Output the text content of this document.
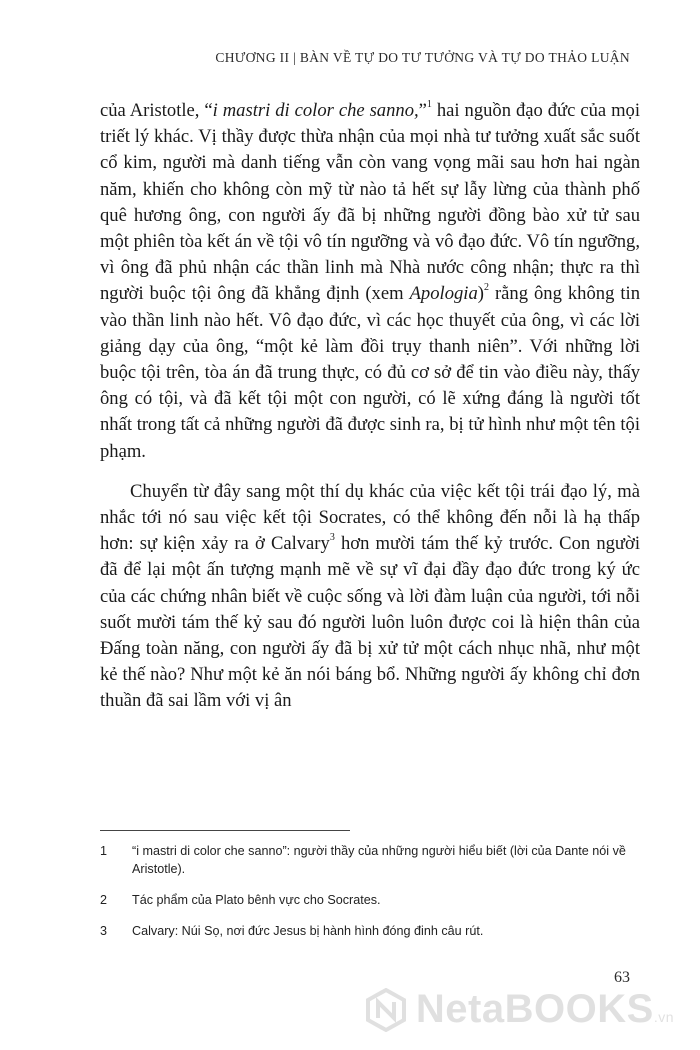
CHƯƠNG II | BÀN VỀ TỰ DO TƯ TƯỞNG VÀ TỰ DO THẢO LUẬN

của Aristotle, “i mastri di color che sanno,”$^1$ hai nguồn đạo đức của mọi triết lý khác. Vị thầy được thừa nhận của mọi nhà tư tưởng xuất sắc suốt cổ kim, người mà danh tiếng vẫn còn vang vọng mãi sau hơn hai ngàn năm, khiến cho không còn mỹ từ nào tả hết sự lẫy lừng của thành phố quê hương ông, con người ấy đã bị những người đồng bào xử tử sau một phiên tòa kết án về tội vô tín ngưỡng và vô đạo đức. Vô tín ngưỡng, vì ông đã phủ nhận các thần linh mà Nhà nước công nhận; thực ra thì người buộc tội ông đã khẳng định (xem Apologia)$^2$ rằng ông không tin vào thần linh nào hết. Vô đạo đức, vì các học thuyết của ông, vì các lời giảng dạy của ông, “một kẻ làm đồi trụy thanh niên”. Với những lời buộc tội trên, tòa án đã trung thực, có đủ cơ sở để tin vào điều này, thấy ông có tội, và đã kết tội một con người, có lẽ xứng đáng là người tốt nhất trong tất cả những người đã được sinh ra, bị tử hình như một tên tội phạm.

Chuyển từ đây sang một thí dụ khác của việc kết tội trái đạo lý, mà nhắc tới nó sau việc kết tội Socrates, có thể không đến nỗi là hạ thấp hơn: sự kiện xảy ra ở Calvary$^3$ hơn mười tám thế kỷ trước. Con người đã để lại một ấn tượng mạnh mẽ về sự vĩ đại đầy đạo đức trong ký ức của các chứng nhân biết về cuộc sống và lời đàm luận của người, tới nỗi suốt mười tám thế kỷ sau đó người luôn luôn được coi là hiện thân của Đấng toàn năng, con người ấy đã bị xử tử một cách nhục nhã, như một kẻ thế nào? Như một kẻ ăn nói báng bổ. Những người ấy không chỉ đơn thuần đã sai lầm với vị ân

1	“i mastri di color che sanno”: người thầy của những người hiểu biết (lời của Dante nói về Aristotle).
2	Tác phẩm của Plato bênh vực cho Socrates.
3	Calvary: Núi Sọ, nơi đức Jesus bị hành hình đóng đinh câu rút.
63
NetaBOOKS.vn
